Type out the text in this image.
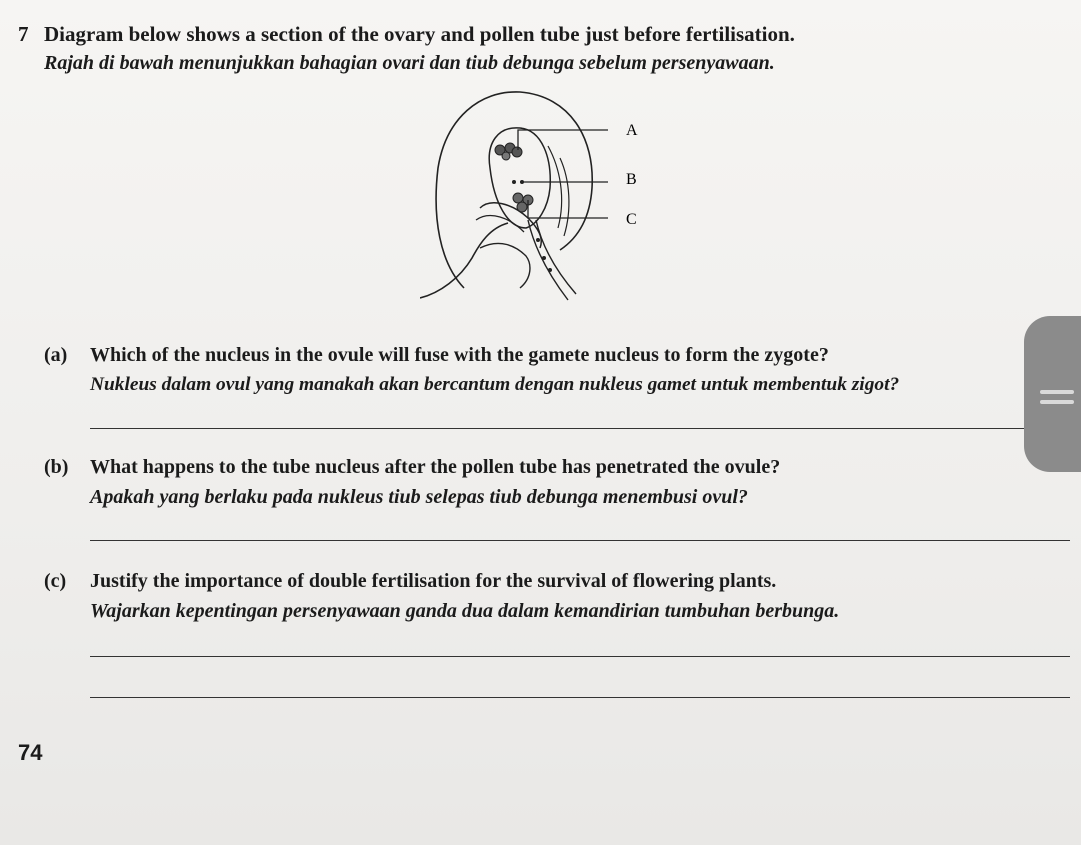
7 Diagram below shows a section of the ovary and pollen tube just before fertilisation.
Rajah di bawah menunjukkan bahagian ovari dan tiub debunga sebelum persenyawaan.
A
B
C
(a) Which of the nucleus in the ovule will fuse with the gamete nucleus to form the zygote?
Nukleus dalam ovul yang manakah akan bercantum dengan nukleus gamet untuk membentuk zigot?
(b) What happens to the tube nucleus after the pollen tube has penetrated the ovule?
Apakah yang berlaku pada nukleus tiub selepas tiub debunga menembusi ovul?
(c) Justify the importance of double fertilisation for the survival of flowering plants.
Wajarkan kepentingan persenyawaan ganda dua dalam kemandirian tumbuhan berbunga.
74
